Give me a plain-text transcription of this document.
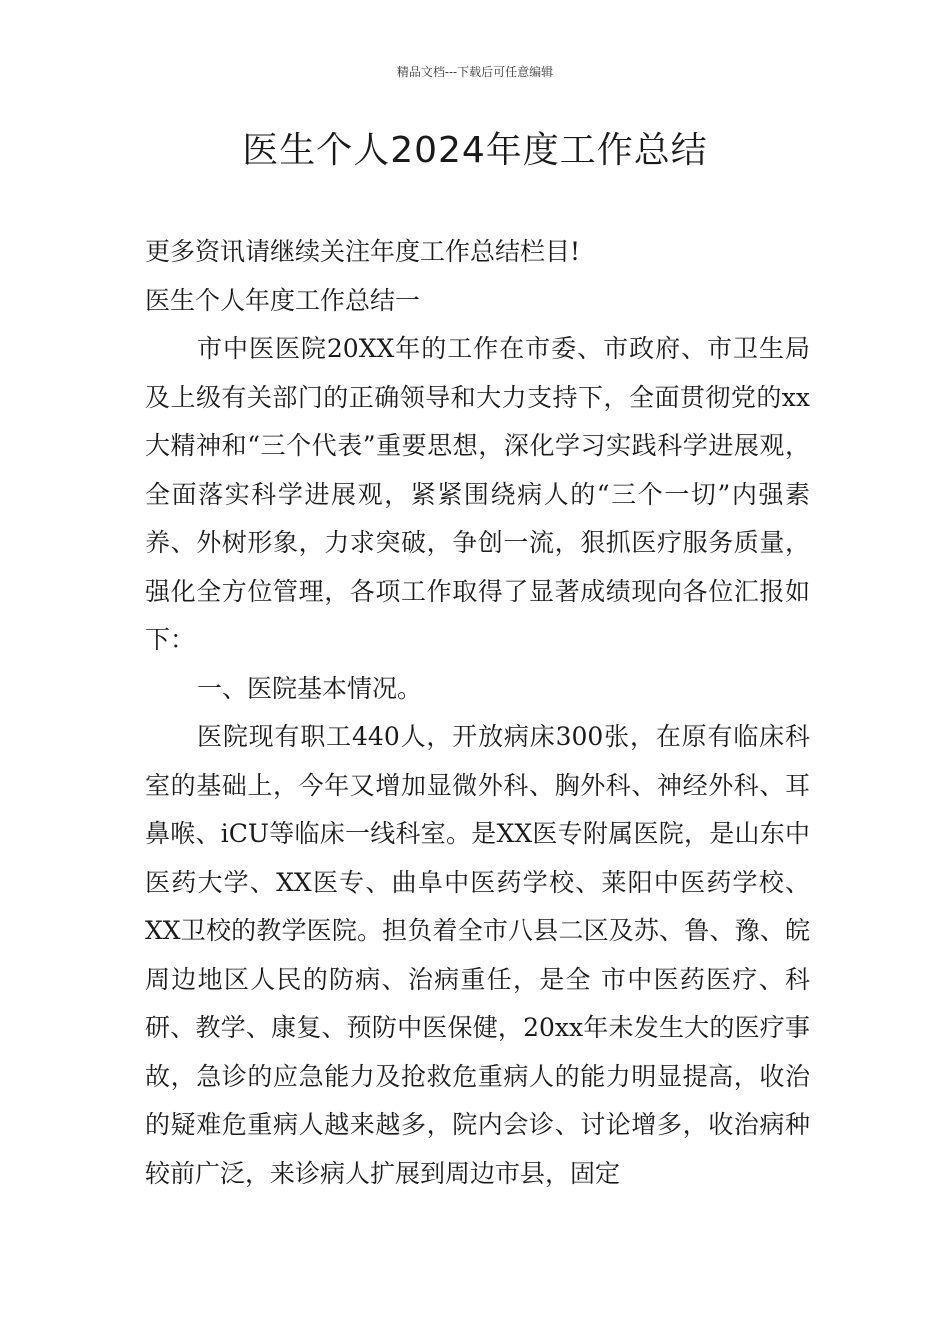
精品文档---下载后可任意编辑
医生个人2024年度工作总结

更多资讯请继续关注年度工作总结栏目!

医生个人年度工作总结一

市中医医院20XX年的工作在市委、市政府、市卫生局及上级有关部门的正确领导和大力支持下，全面贯彻党的xx大精神和“三个代表”重要思想，深化学习实践科学进展观，全面落实科学进展观，紧紧围绕病人的“三个一切”内强素养、外树形象，力求突破，争创一流，狠抓医疗服务质量，强化全方位管理，各项工作取得了显著成绩现向各位汇报如下：

一、医院基本情况。

医院现有职工440人，开放病床300张，在原有临床科室的基础上，今年又增加显微外科、胸外科、神经外科、耳鼻喉、iCU等临床一线科室。是XX医专附属医院，是山东中医药大学、XX医专、曲阜中医药学校、莱阳中医药学校、XX卫校的教学医院。担负着全市八县二区及苏、鲁、豫、皖周边地区人民的防病、治病重任，是全 市中医药医疗、科研、教学、康复、预防中医保健，20xx年未发生大的医疗事故，急诊的应急能力及抢救危重病人的能力明显提高，收治的疑难危重病人越来越多，院内会诊、讨论增多，收治病种较前广泛，来诊病人扩展到周边市县，固定
